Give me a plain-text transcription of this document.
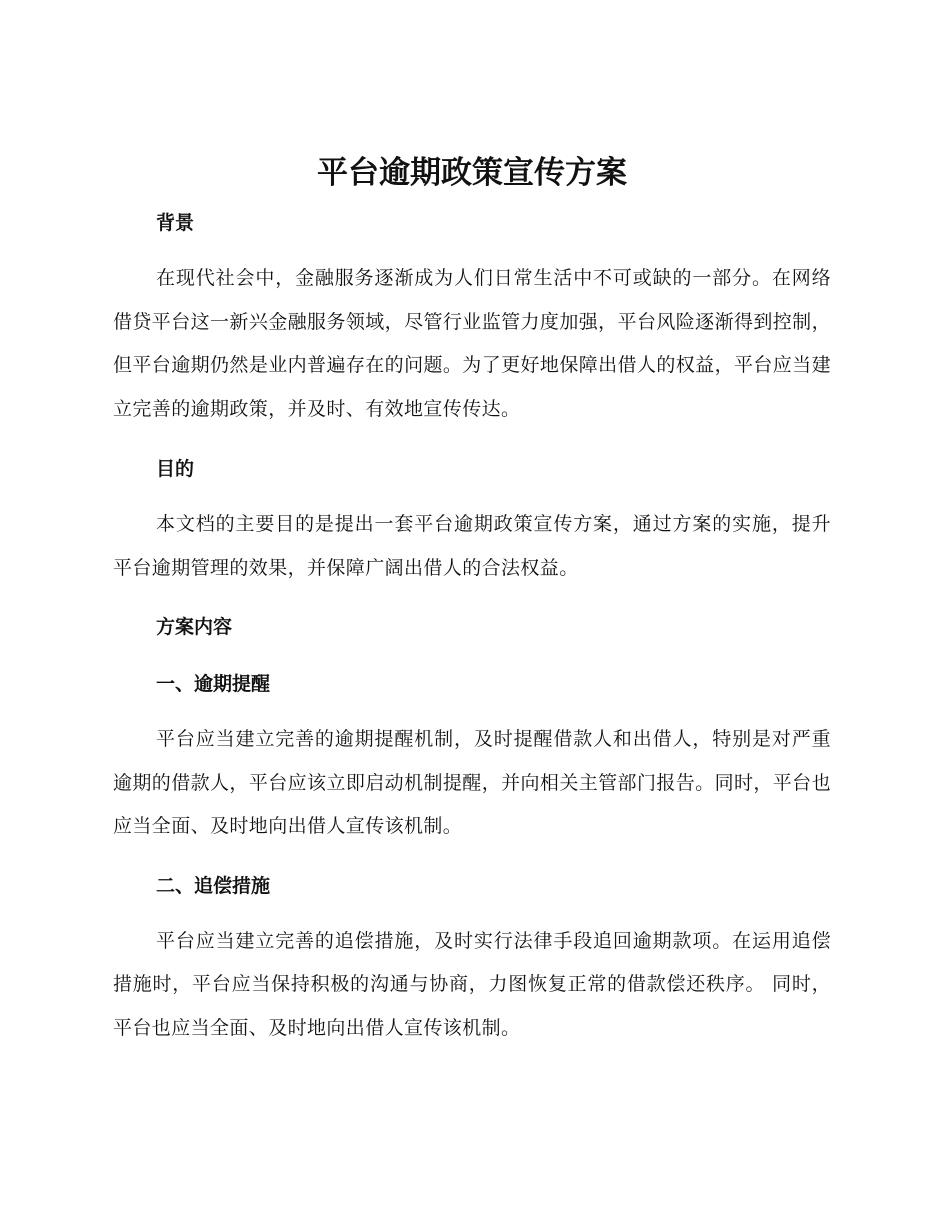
平台逾期政策宣传方案

背景

在现代社会中，金融服务逐渐成为人们日常生活中不可或缺的一部分。在网络借贷平台这一新兴金融服务领域，尽管行业监管力度加强，平台风险逐渐得到控制，但平台逾期仍然是业内普遍存在的问题。为了更好地保障出借人的权益，平台应当建立完善的逾期政策，并及时、有效地宣传传达。

目的

本文档的主要目的是提出一套平台逾期政策宣传方案，通过方案的实施，提升平台逾期管理的效果，并保障广阔出借人的合法权益。

方案内容

一、逾期提醒

平台应当建立完善的逾期提醒机制，及时提醒借款人和出借人，特别是对严重逾期的借款人，平台应该立即启动机制提醒，并向相关主管部门报告。同时，平台也应当全面、及时地向出借人宣传该机制。

二、追偿措施

平台应当建立完善的追偿措施，及时实行法律手段追回逾期款项。在运用追偿措施时，平台应当保持积极的沟通与协商，力图恢复正常的借款偿还秩序。 同时，平台也应当全面、及时地向出借人宣传该机制。
